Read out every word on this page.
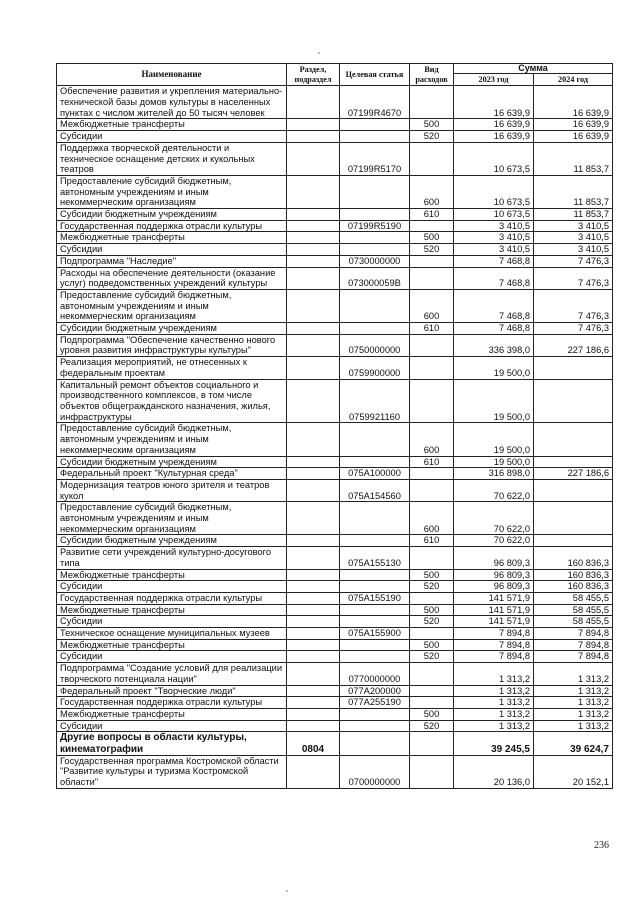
Наименование	Раздел, подраздел	Целевая статья	Вид расходов	Сумма	
				2023 год	2024 год
Обеспечение развития и укрепления материально-технической базы домов культуры в населенных пунктах с числом жителей до 50 тысяч человек		07199R4670		16 639,9	16 639,9
Межбюджетные трансферты			500	16 639,9	16 639,9
Субсидии			520	16 639,9	16 639,9
Поддержка творческой деятельности и техническое оснащение детских и кукольных театров		07199R5170		10 673,5	11 853,7
Предоставление субсидий бюджетным, автономным учреждениям и иным некоммерческим организациям			600	10 673,5	11 853,7
Субсидии бюджетным учреждениям			610	10 673,5	11 853,7
Государственная поддержка отрасли культуры		07199R5190		3 410,5	3 410,5
Межбюджетные трансферты			500	3 410,5	3 410,5
Субсидии			520	3 410,5	3 410,5
Подпрограмма "Наследие"		0730000000		7 468,8	7 476,3
Расходы на обеспечение деятельности (оказание услуг) подведомственных учреждений культуры		073000059В		7 468,8	7 476,3
Предоставление субсидий бюджетным, автономным учреждениям и иным некоммерческим организациям			600	7 468,8	7 476,3
Субсидии бюджетным учреждениям			610	7 468,8	7 476,3
Подпрограмма "Обеспечение качественно нового уровня развития инфраструктуры культуры"		0750000000		336 398,0	227 186,6
Реализация мероприятий, не отнесенных к федеральным проектам		0759900000		19 500,0	
Капитальный ремонт объектов социального и производственного комплексов, в том числе объектов общегражданского назначения, жилья, инфраструктуры		0759921160		19 500,0	
Предоставление субсидий бюджетным, автономным учреждениям и иным некоммерческим организациям			600	19 500,0	
Субсидии бюджетным учреждениям			610	19 500,0	
Федеральный проект "Культурная среда"		075А100000		316 898,0	227 186,6
Модернизация театров юного зрителя и театров кукол		075А154560		70 622,0	
Предоставление субсидий бюджетным, автономным учреждениям и иным некоммерческим организациям			600	70 622,0	
Субсидии бюджетным учреждениям			610	70 622,0	
Развитие сети учреждений культурно-досугового типа		075А155130		96 809,3	160 836,3
Межбюджетные трансферты			500	96 809,3	160 836,3
Субсидии			520	96 809,3	160 836,3
Государственная поддержка отрасли культуры		075А155190		141 571,9	58 455,5
Межбюджетные трансферты			500	141 571,9	58 455,5
Субсидии			520	141 571,9	58 455,5
Техническое оснащение муниципальных музеев		075А155900		7 894,8	7 894,8
Межбюджетные трансферты			500	7 894,8	7 894,8
Субсидии			520	7 894,8	7 894,8
Подпрограмма "Создание условий для реализации творческого потенциала нации"		0770000000		1 313,2	1 313,2
Федеральный проект "Творческие люди"		077А200000		1 313,2	1 313,2
Государственная поддержка отрасли культуры		077А255190		1 313,2	1 313,2
Межбюджетные трансферты			500	1 313,2	1 313,2
Субсидии			520	1 313,2	1 313,2
Другие вопросы в области культуры, кинематографии	0804			39 245,5	39 624,7
Государственная программа Костромской области "Развитие культуры и туризма Костромской области"		0700000000		20 136,0	20 152,1
236
